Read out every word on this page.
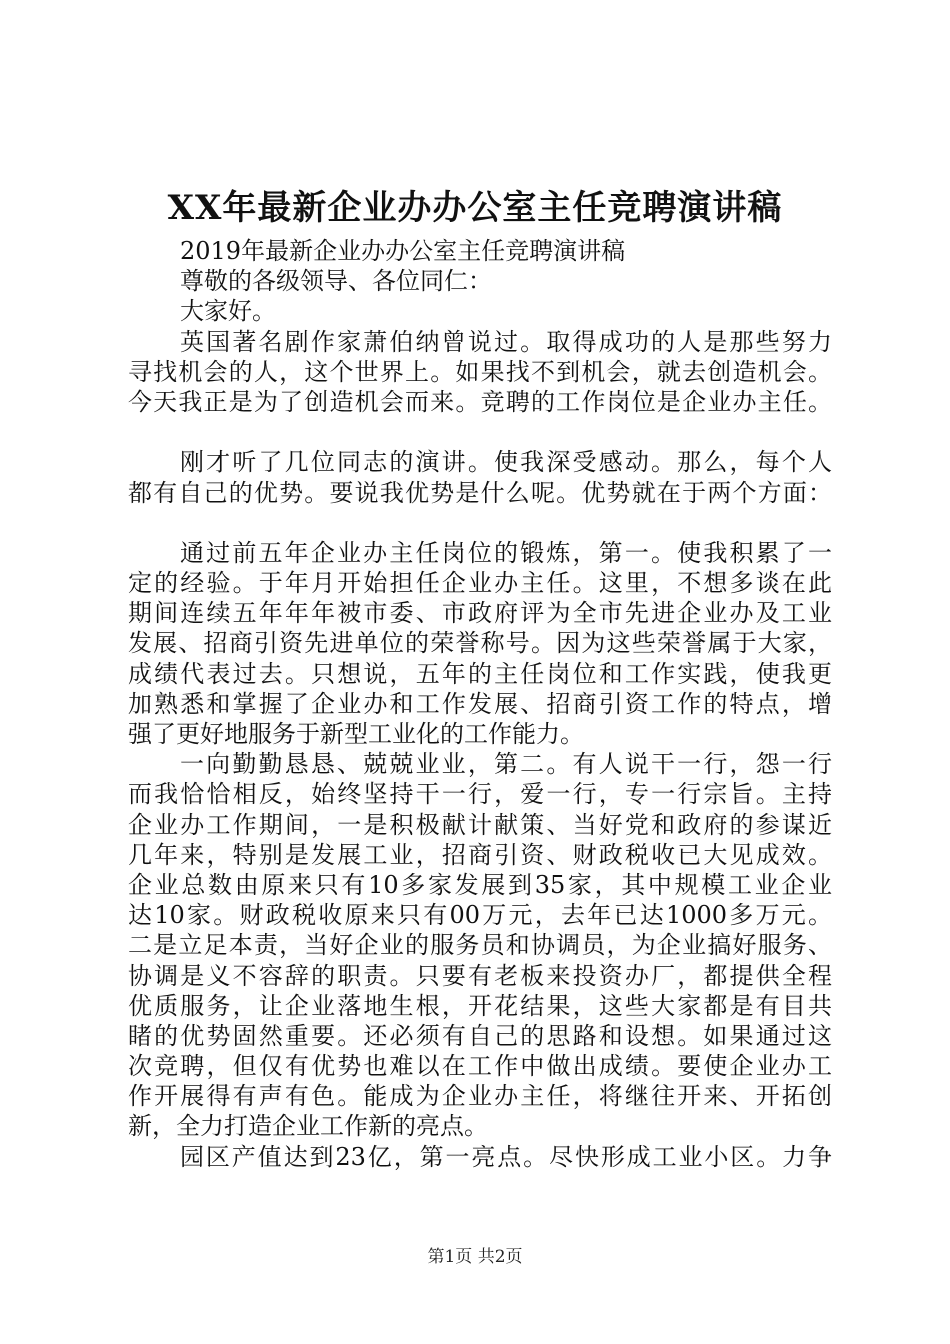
XX年最新企业办办公室主任竞聘演讲稿
2019年最新企业办办公室主任竞聘演讲稿
尊敬的各级领导、各位同仁：
大家好。
英国著名剧作家萧伯纳曾说过。取得成功的人是那些努力
寻找机会的人，这个世界上。如果找不到机会，就去创造机会。
今天我正是为了创造机会而来。竞聘的工作岗位是企业办主任。
刚才听了几位同志的演讲。使我深受感动。那么，每个人
都有自己的优势。要说我优势是什么呢。优势就在于两个方面：
通过前五年企业办主任岗位的锻炼，第一。使我积累了一
定的经验。于年月开始担任企业办主任。这里，不想多谈在此
期间连续五年年年被市委、市政府评为全市先进企业办及工业
发展、招商引资先进单位的荣誉称号。因为这些荣誉属于大家，
成绩代表过去。只想说，五年的主任岗位和工作实践，使我更
加熟悉和掌握了企业办和工作发展、招商引资工作的特点，增
强了更好地服务于新型工业化的工作能力。
一向勤勤恳恳、兢兢业业，第二。有人说干一行，怨一行
而我恰恰相反，始终坚持干一行，爱一行，专一行宗旨。主持
企业办工作期间，一是积极献计献策、当好党和政府的参谋近
几年来，特别是发展工业，招商引资、财政税收已大见成效。
企业总数由原来只有10多家发展到35家，其中规模工业企业
达10家。财政税收原来只有00万元，去年已达1000多万元。
二是立足本责，当好企业的服务员和协调员，为企业搞好服务、
协调是义不容辞的职责。只要有老板来投资办厂，都提供全程
优质服务，让企业落地生根，开花结果，这些大家都是有目共
睹的优势固然重要。还必须有自己的思路和设想。如果通过这
次竞聘，但仅有优势也难以在工作中做出成绩。要使企业办工
作开展得有声有色。能成为企业办主任，将继往开来、开拓创
新，全力打造企业工作新的亮点。
园区产值达到23亿，第一亮点。尽快形成工业小区。力争
第1页 共2页
